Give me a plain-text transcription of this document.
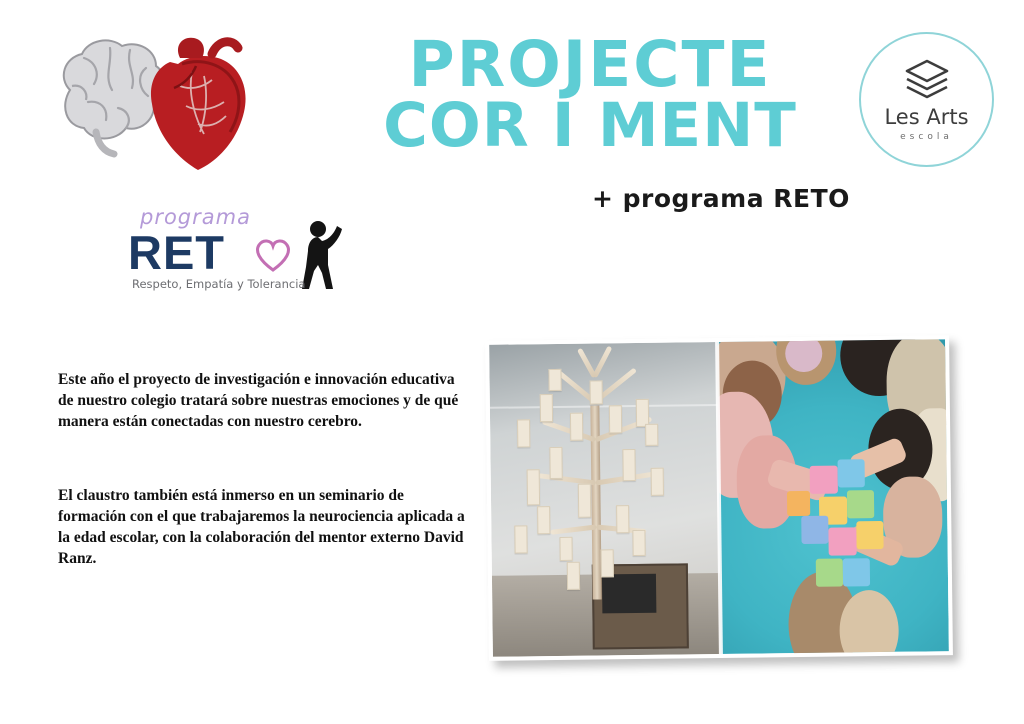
programa
RET
Respeto, Empatía y Tolerancia
PROJECTE
COR I MENT
+ programa RETO
Les Arts
escola
Este año el proyecto de investigación e innovación educativa de nuestro colegio tratará sobre nuestras emociones y de qué manera están conectadas con nuestro cerebro.
El claustro también está inmerso en un seminario de formación con el que trabajaremos la neurociencia aplicada a la edad escolar, con la colaboración del mentor externo David Ranz.
